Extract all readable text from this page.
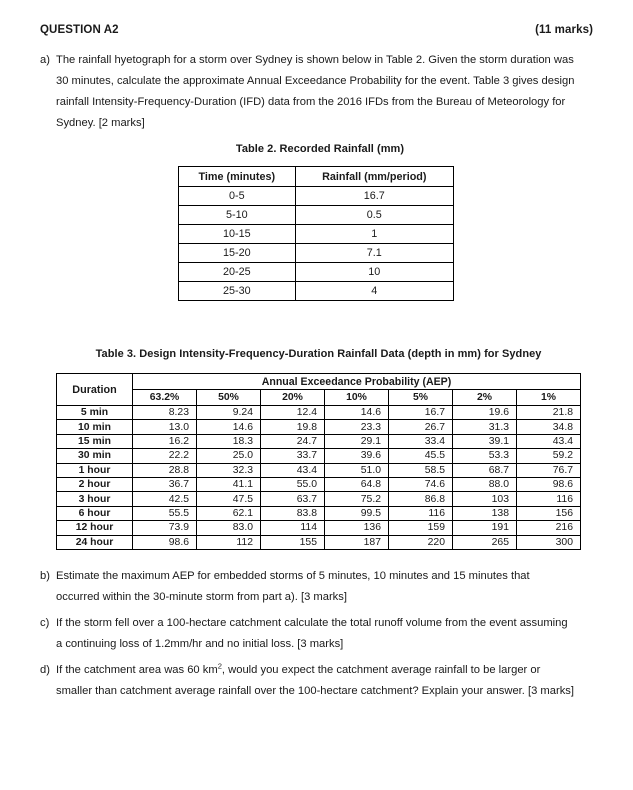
QUESTION A2	(11 marks)
a) The rainfall hyetograph for a storm over Sydney is shown below in Table 2. Given the storm duration was 30 minutes, calculate the approximate Annual Exceedance Probability for the event. Table 3 gives design rainfall Intensity-Frequency-Duration (IFD) data from the 2016 IFDs from the Bureau of Meteorology for Sydney. [2 marks]
Table 2. Recorded Rainfall (mm)
Time (minutes)	Rainfall (mm/period)
0-5	16.7
5-10	0.5
10-15	1
15-20	7.1
20-25	10
25-30	4
Table 3. Design Intensity-Frequency-Duration Rainfall Data (depth in mm) for Sydney
Duration	Annual Exceedance Probability (AEP)						
	63.2%	50%	20%	10%	5%	2%	1%
5 min	8.23	9.24	12.4	14.6	16.7	19.6	21.8
10 min	13.0	14.6	19.8	23.3	26.7	31.3	34.8
15 min	16.2	18.3	24.7	29.1	33.4	39.1	43.4
30 min	22.2	25.0	33.7	39.6	45.5	53.3	59.2
1 hour	28.8	32.3	43.4	51.0	58.5	68.7	76.7
2 hour	36.7	41.1	55.0	64.8	74.6	88.0	98.6
3 hour	42.5	47.5	63.7	75.2	86.8	103	116
6 hour	55.5	62.1	83.8	99.5	116	138	156
12 hour	73.9	83.0	114	136	159	191	216
24 hour	98.6	112	155	187	220	265	300
b) Estimate the maximum AEP for embedded storms of 5 minutes, 10 minutes and 15 minutes that occurred within the 30-minute storm from part a). [3 marks]
c) If the storm fell over a 100-hectare catchment calculate the total runoff volume from the event assuming a continuing loss of 1.2mm/hr and no initial loss. [3 marks]
d) If the catchment area was 60 $km^2$, would you expect the catchment average rainfall to be larger or smaller than catchment average rainfall over the 100-hectare catchment? Explain your answer. [3 marks]
